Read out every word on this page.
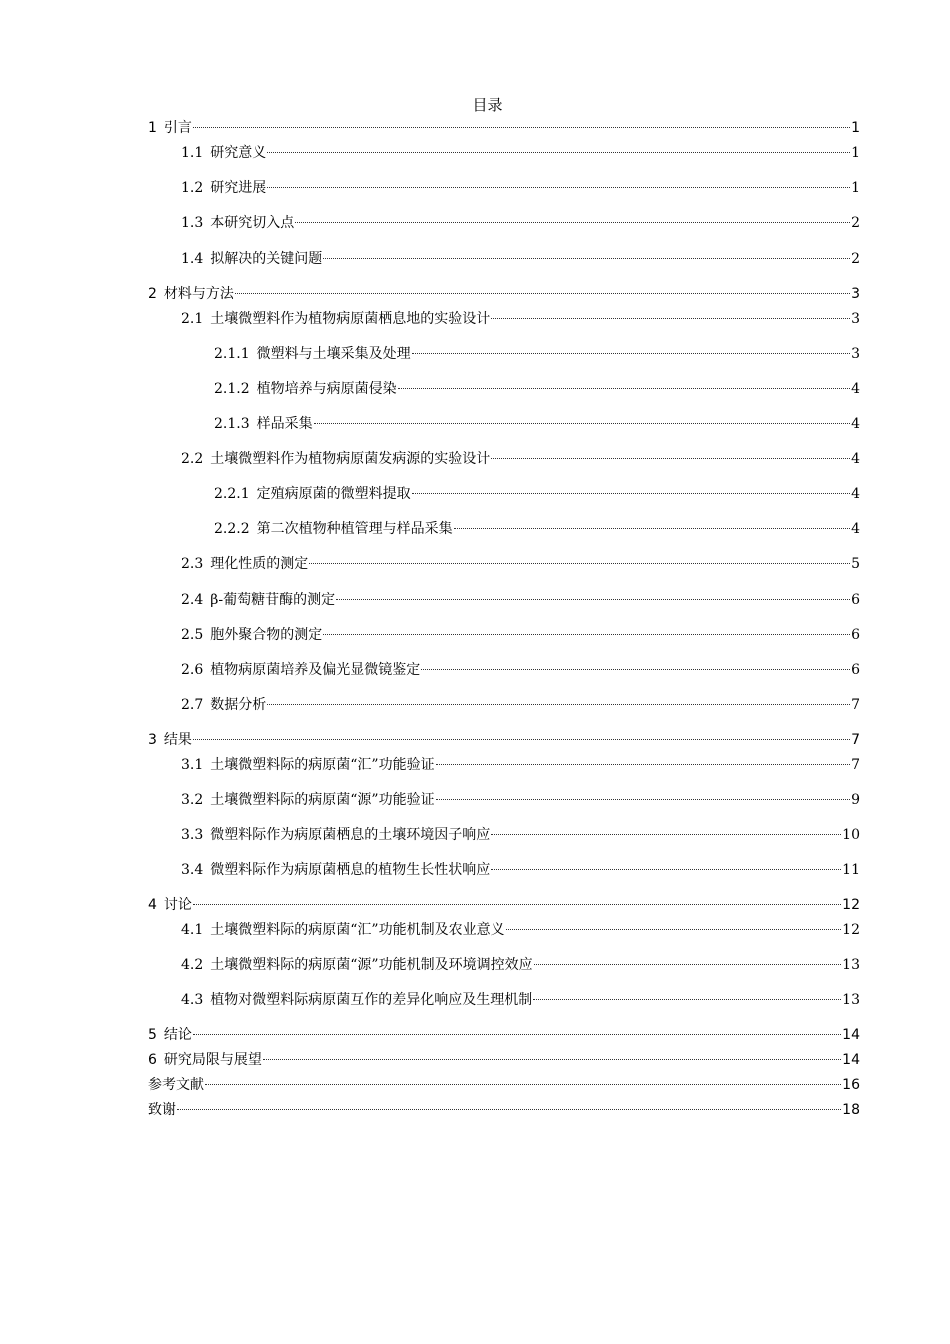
目录
1 引言	1
1.1 研究意义	1
1.2 研究进展	1
1.3 本研究切入点	2
1.4 拟解决的关键问题	2
2 材料与方法	3
2.1 土壤微塑料作为植物病原菌栖息地的实验设计	3
2.1.1 微塑料与土壤采集及处理	3
2.1.2 植物培养与病原菌侵染	4
2.1.3 样品采集	4
2.2 土壤微塑料作为植物病原菌发病源的实验设计	4
2.2.1 定殖病原菌的微塑料提取	4
2.2.2 第二次植物种植管理与样品采集	4
2.3 理化性质的测定	5
2.4 β-葡萄糖苷酶的测定	6
2.5 胞外聚合物的测定	6
2.6 植物病原菌培养及偏光显微镜鉴定	6
2.7 数据分析	7
3 结果	7
3.1 土壤微塑料际的病原菌“汇”功能验证	7
3.2 土壤微塑料际的病原菌“源”功能验证	9
3.3 微塑料际作为病原菌栖息的土壤环境因子响应	10
3.4 微塑料际作为病原菌栖息的植物生长性状响应	11
4 讨论	12
4.1 土壤微塑料际的病原菌“汇”功能机制及农业意义	12
4.2 土壤微塑料际的病原菌“源”功能机制及环境调控效应	13
4.3 植物对微塑料际病原菌互作的差异化响应及生理机制	13
5 结论	14
6 研究局限与展望	14
参考文献	16
致谢	18
